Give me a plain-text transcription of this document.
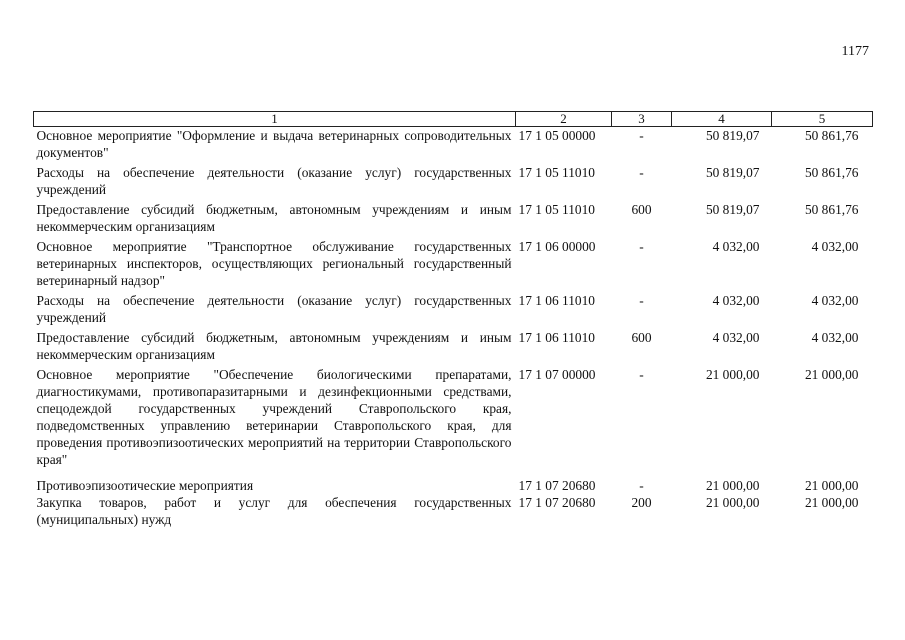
1177
1	2	3	4	5
Основное мероприятие "Оформление и выдача ветеринарных сопроводительных документов"	17 1 05 00000	-	50 819,07	50 861,76
Расходы на обеспечение деятельности (оказание услуг) государственных учреждений	17 1 05 11010	-	50 819,07	50 861,76
Предоставление субсидий бюджетным, автономным учреждениям и иным некоммерческим организациям	17 1 05 11010	600	50 819,07	50 861,76
Основное мероприятие "Транспортное обслуживание государственных ветеринарных инспекторов, осуществляющих региональный государственный ветеринарный надзор"	17 1 06 00000	-	4 032,00	4 032,00
Расходы на обеспечение деятельности (оказание услуг) государственных учреждений	17 1 06 11010	-	4 032,00	4 032,00
Предоставление субсидий бюджетным, автономным учреждениям и иным некоммерческим организациям	17 1 06 11010	600	4 032,00	4 032,00
Основное мероприятие "Обеспечение биологическими препаратами, диагностикумами, противопаразитарными и дезинфекционными средствами, спецодеждой государственных учреждений Ставропольского края, подведомственных управлению ветеринарии Ставропольского края, для проведения противоэпизоотических мероприятий на территории Ставропольского края"	17 1 07 00000	-	21 000,00	21 000,00
Противоэпизоотические мероприятия	17 1 07 20680	-	21 000,00	21 000,00
Закупка товаров, работ и услуг для обеспечения государственных (муниципальных) нужд	17 1 07 20680	200	21 000,00	21 000,00
